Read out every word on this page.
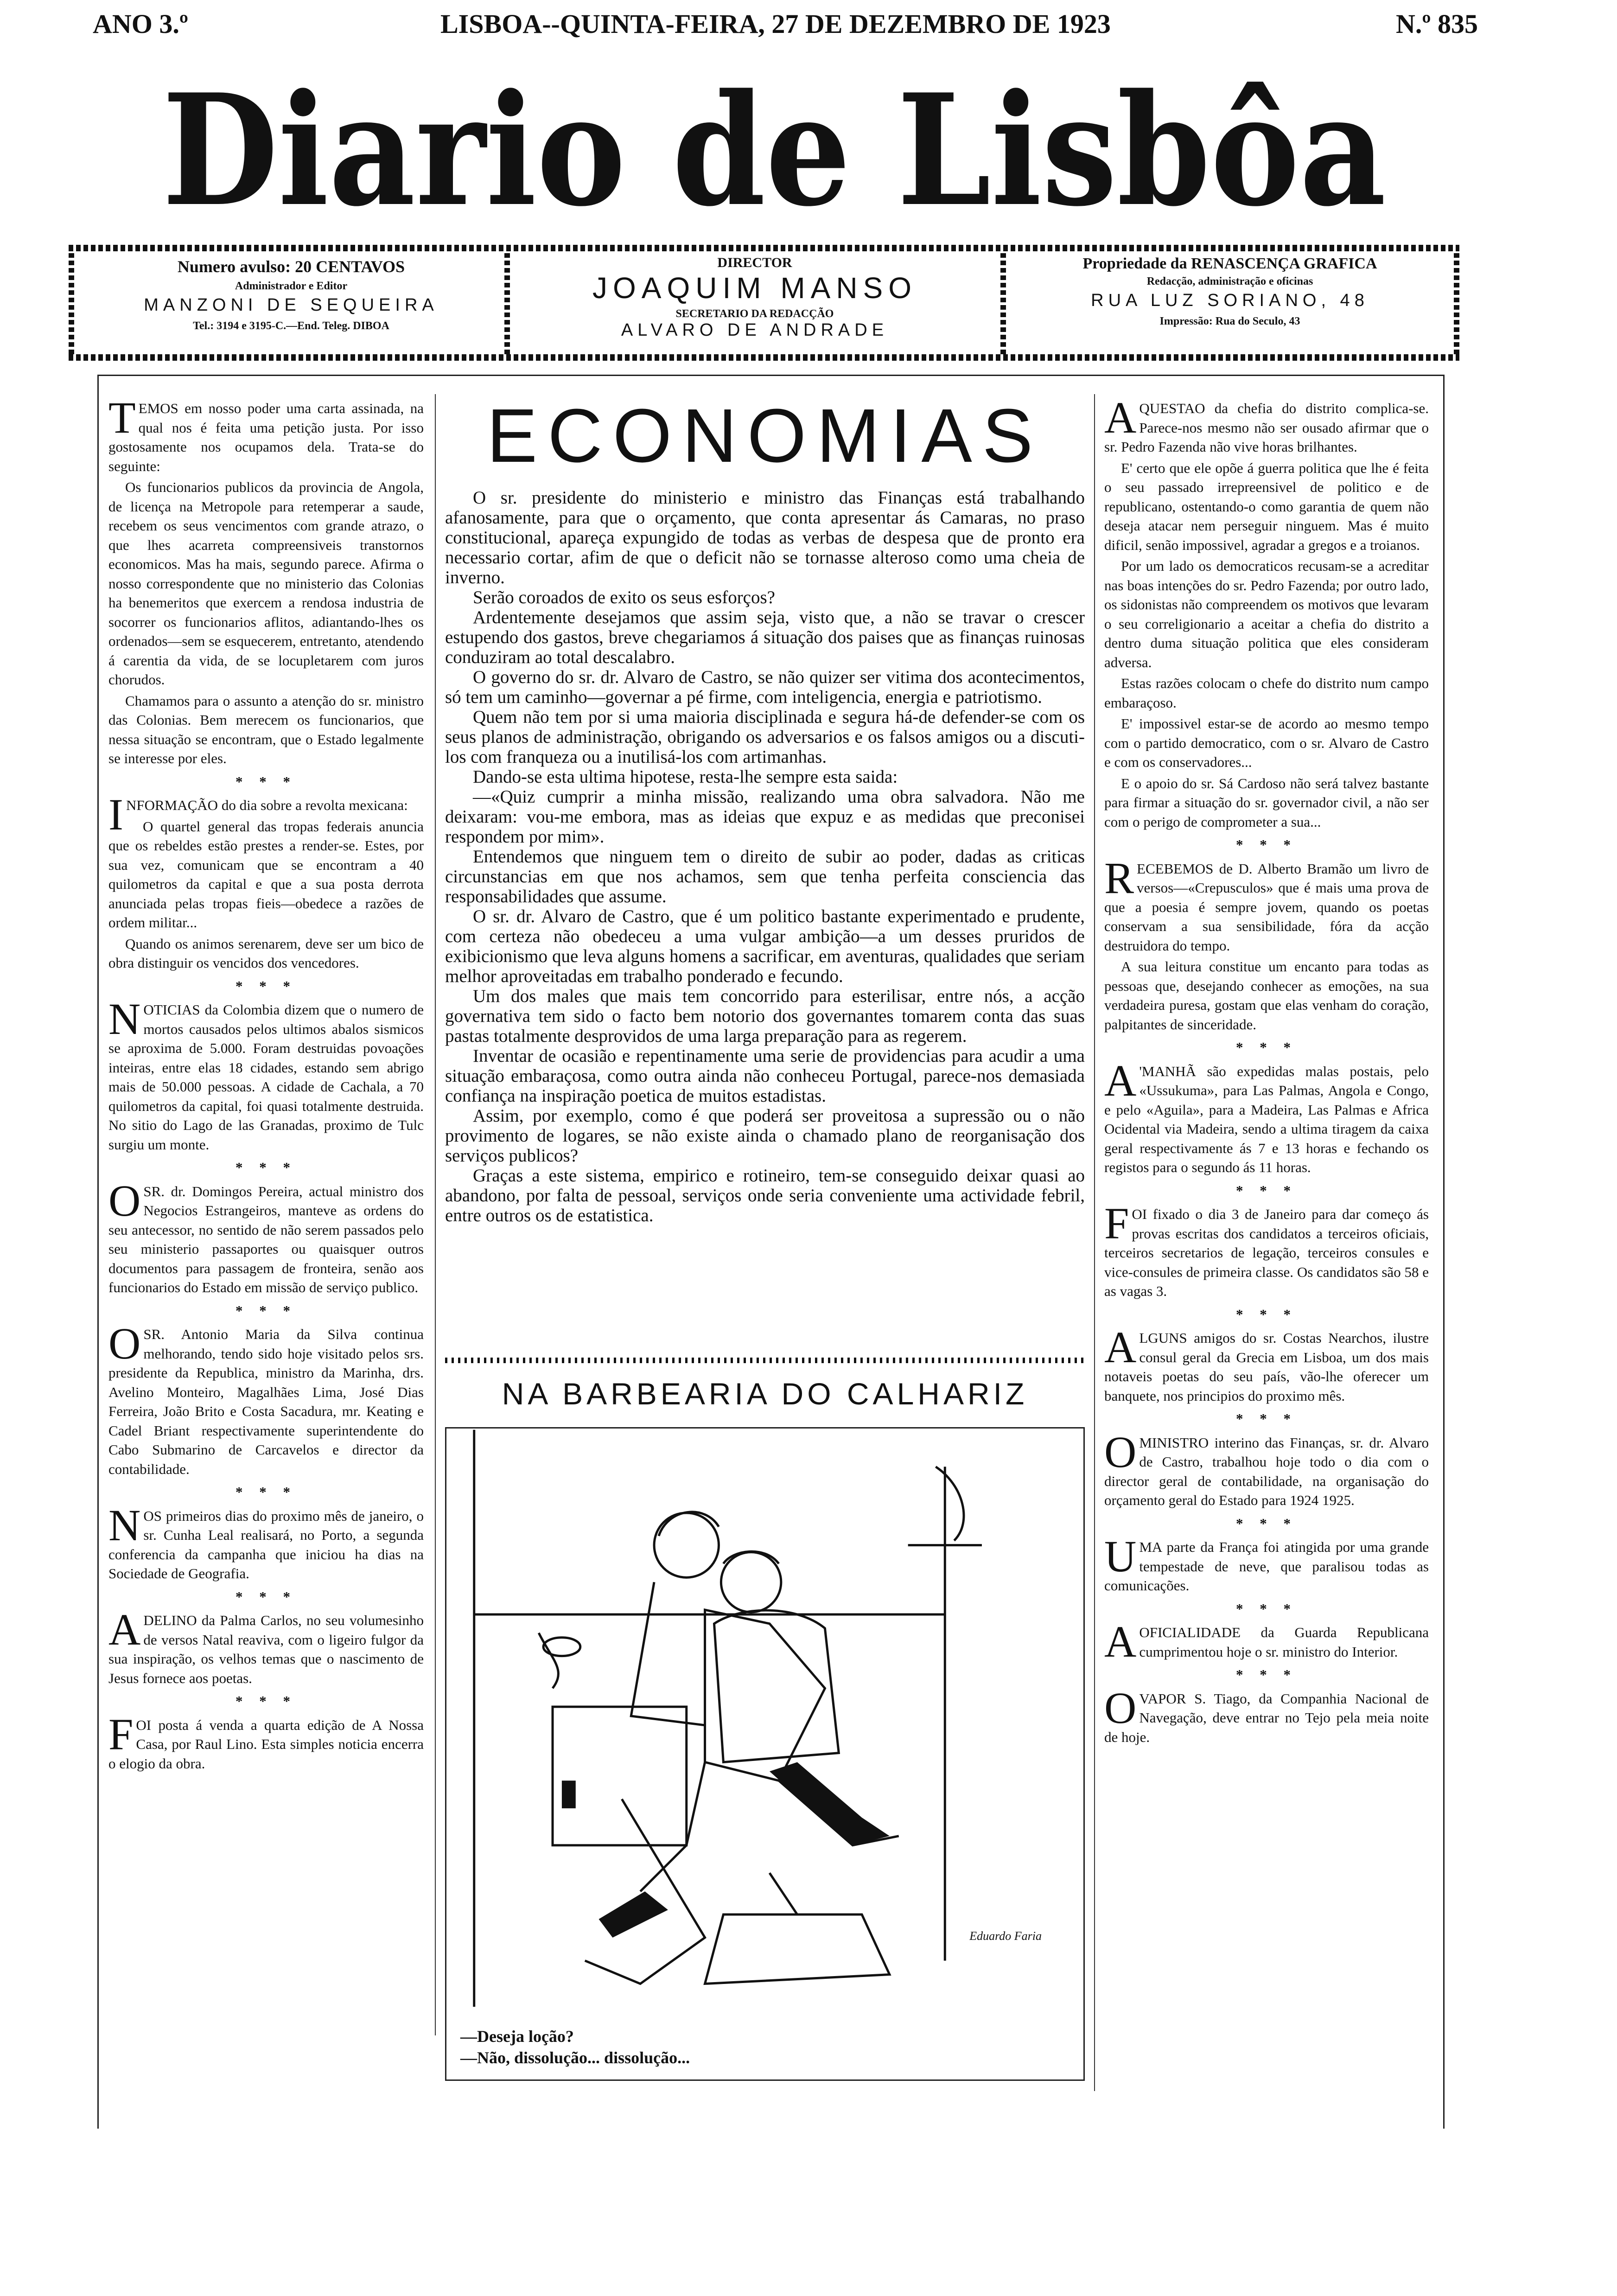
ANO 3.º	LISBOA--QUINTA-FEIRA, 27 DE DEZEMBRO DE 1923	N.º 835
Diario de Lisbôa
Numero avulso: 20 CENTAVOS
Administrador e Editor
MANZONI DE SEQUEIRA
Tel.: 3194 e 3195-C.—End. Teleg. DIBOA
DIRECTOR
JOAQUIM MANSO
SECRETARIO DA REDACÇÃO
ALVARO DE ANDRADE
Propriedade da RENASCENÇA GRAFICA
Redacção, administração e oficinas
RUA LUZ SORIANO, 48
Impressão: Rua do Seculo, 43

TEMOS em nosso poder uma carta assinada, na qual nos é feita uma petição justa. Por isso gostosamente nos ocupamos dela. Trata-se do seguinte:

Os funcionarios publicos da provincia de Angola, de licença na Metropole para retemperar a saude, recebem os seus vencimentos com grande atrazo, o que lhes acarreta compreensiveis transtornos economicos. Mas ha mais, segundo parece. Afirma o nosso correspondente que no ministerio das Colonias ha benemeritos que exercem a rendosa industria de socorrer os funcionarios aflitos, adiantando-lhes os ordenados—sem se esquecerem, entretanto, atendendo á carentia da vida, de se locupletarem com juros chorudos.

Chamamos para o assunto a atenção do sr. ministro das Colonias. Bem merecem os funcionarios, que nessa situação se encontram, que o Estado legalmente se interesse por eles.

* * *

INFORMAÇÃO do dia sobre a revolta mexicana:

O quartel general das tropas federais anuncia que os rebeldes estão prestes a render-se. Estes, por sua vez, comunicam que se encontram a 40 quilometros da capital e que a sua posta derrota anunciada pelas tropas fieis—obedece a razões de ordem militar...

Quando os animos serenarem, deve ser um bico de obra distinguir os vencidos dos vencedores.

* * *

NOTICIAS da Colombia dizem que o numero de mortos causados pelos ultimos abalos sismicos se aproxima de 5.000. Foram destruidas povoações inteiras, entre elas 18 cidades, estando sem abrigo mais de 50.000 pessoas. A cidade de Cachala, a 70 quilometros da capital, foi quasi totalmente destruida. No sitio do Lago de las Granadas, proximo de Tulc surgiu um monte.

* * *

OSR. dr. Domingos Pereira, actual ministro dos Negocios Estrangeiros, manteve as ordens do seu antecessor, no sentido de não serem passados pelo seu ministerio passaportes ou quaisquer outros documentos para passagem de fronteira, senão aos funcionarios do Estado em missão de serviço publico.

* * *

OSR. Antonio Maria da Silva continua melhorando, tendo sido hoje visitado pelos srs. presidente da Republica, ministro da Marinha, drs. Avelino Monteiro, Magalhães Lima, José Dias Ferreira, João Brito e Costa Sacadura, mr. Keating e Cadel Briant respectivamente superintendente do Cabo Submarino de Carcavelos e director da contabilidade.

* * *

NOS primeiros dias do proximo mês de janeiro, o sr. Cunha Leal realisará, no Porto, a segunda conferencia da campanha que iniciou ha dias na Sociedade de Geografia.

* * *

ADELINO da Palma Carlos, no seu volumesinho de versos Natal reaviva, com o ligeiro fulgor da sua inspiração, os velhos temas que o nascimento de Jesus fornece aos poetas.

* * *

FOI posta á venda a quarta edição de A Nossa Casa, por Raul Lino. Esta simples noticia encerra o elogio da obra.

ECONOMIAS

O sr. presidente do ministerio e ministro das Finanças está trabalhando afanosamente, para que o orçamento, que conta apresentar ás Camaras, no praso constitucional, apareça expungido de todas as verbas de despesa que de pronto era necessario cortar, afim de que o deficit não se tornasse alteroso como uma cheia de inverno.

Serão coroados de exito os seus esforços?

Ardentemente desejamos que assim seja, visto que, a não se travar o crescer estupendo dos gastos, breve chegariamos á situação dos paises que as finanças ruinosas conduziram ao total descalabro.

O governo do sr. dr. Alvaro de Castro, se não quizer ser vitima dos acontecimentos, só tem um caminho—governar a pé firme, com inteligencia, energia e patriotismo.

Quem não tem por si uma maioria disciplinada e segura há-de defender-se com os seus planos de administração, obrigando os adversarios e os falsos amigos ou a discuti-los com franqueza ou a inutilisá-los com artimanhas.

Dando-se esta ultima hipotese, resta-lhe sempre esta saida:

—«Quiz cumprir a minha missão, realizando uma obra salvadora. Não me deixaram: vou-me embora, mas as ideias que expuz e as medidas que preconisei respondem por mim».

Entendemos que ninguem tem o direito de subir ao poder, dadas as criticas circunstancias em que nos achamos, sem que tenha perfeita consciencia das responsabilidades que assume.

O sr. dr. Alvaro de Castro, que é um politico bastante experimentado e prudente, com certeza não obedeceu a uma vulgar ambição—a um desses pruridos de exibicionismo que leva alguns homens a sacrificar, em aventuras, qualidades que seriam melhor aproveitadas em trabalho ponderado e fecundo.

Um dos males que mais tem concorrido para esterilisar, entre nós, a acção governativa tem sido o facto bem notorio dos governantes tomarem conta das suas pastas totalmente desprovidos de uma larga preparação para as regerem.

Inventar de ocasião e repentinamente uma serie de providencias para acudir a uma situação embaraçosa, como outra ainda não conheceu Portugal, parece-nos demasiada confiança na inspiração poetica de muitos estadistas.

Assim, por exemplo, como é que poderá ser proveitosa a supressão ou o não provimento de logares, se não existe ainda o chamado plano de reorganisação dos serviços publicos?

Graças a este sistema, empirico e rotineiro, tem-se conseguido deixar quasi ao abandono, por falta de pessoal, serviços onde seria conveniente uma actividade febril, entre outros os de estatistica.

NA BARBEARIA DO CALHARIZ
Eduardo Faria
—Deseja loção?
—Não, dissolução... dissolução...

AQUESTAO da chefia do distrito complica-se. Parece-nos mesmo não ser ousado afirmar que o sr. Pedro Fazenda não vive horas brilhantes.

E' certo que ele opõe á guerra politica que lhe é feita o seu passado irrepreensivel de politico e de republicano, ostentando-o como garantia de quem não deseja atacar nem perseguir ninguem. Mas é muito dificil, senão impossivel, agradar a gregos e a troianos.

Por um lado os democraticos recusam-se a acreditar nas boas intenções do sr. Pedro Fazenda; por outro lado, os sidonistas não compreendem os motivos que levaram o seu correligionario a aceitar a chefia do distrito a dentro duma situação politica que eles consideram adversa.

Estas razões colocam o chefe do distrito num campo embaraçoso.

E' impossivel estar-se de acordo ao mesmo tempo com o partido democratico, com o sr. Alvaro de Castro e com os conservadores...

E o apoio do sr. Sá Cardoso não será talvez bastante para firmar a situação do sr. governador civil, a não ser com o perigo de comprometer a sua...

* * *

RECEBEMOS de D. Alberto Bramão um livro de versos—«Crepusculos» que é mais uma prova de que a poesia é sempre jovem, quando os poetas conservam a sua sensibilidade, fóra da acção destruidora do tempo.

A sua leitura constitue um encanto para todas as pessoas que, desejando conhecer as emoções, na sua verdadeira puresa, gostam que elas venham do coração, palpitantes de sinceridade.

* * *

A 'MANHÃ são expedidas malas postais, pelo «Ussukuma», para Las Palmas, Angola e Congo, e pelo «Aguila», para a Madeira, Las Palmas e Africa Ocidental via Madeira, sendo a ultima tiragem da caixa geral respectivamente ás 7 e 13 horas e fechando os registos para o segundo ás 11 horas.

* * *

FOI fixado o dia 3 de Janeiro para dar começo ás provas escritas dos candidatos a terceiros oficiais, terceiros secretarios de legação, terceiros consules e vice-consules de primeira classe. Os candidatos são 58 e as vagas 3.

* * *

ALGUNS amigos do sr. Costas Nearchos, ilustre consul geral da Grecia em Lisboa, um dos mais notaveis poetas do seu país, vão-lhe oferecer um banquete, nos principios do proximo mês.

* * *

OMINISTRO interino das Finanças, sr. dr. Alvaro de Castro, trabalhou hoje todo o dia com o director geral de contabilidade, na organisação do orçamento geral do Estado para 1924 1925.

* * *

UMA parte da França foi atingida por uma grande tempestade de neve, que paralisou todas as comunicações.

* * *

AOFICIALIDADE da Guarda Republicana cumprimentou hoje o sr. ministro do Interior.

* * *

OVAPOR S. Tiago, da Companhia Nacional de Navegação, deve entrar no Tejo pela meia noite de hoje.
